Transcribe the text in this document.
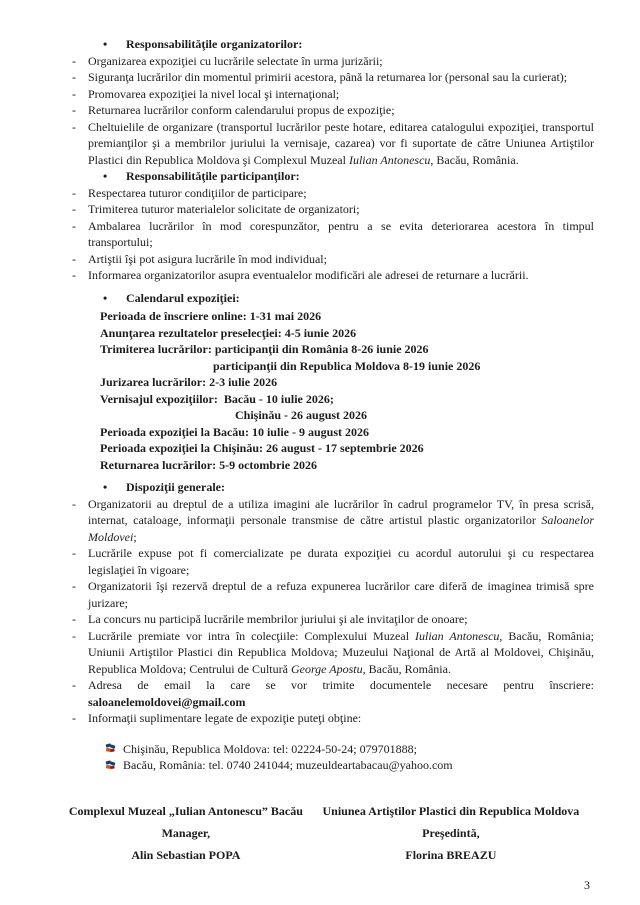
•	Responsabilităţile organizatorilor:
-	Organizarea expoziţiei cu lucrările selectate în urma jurizării;
-	Siguranţa lucrărilor din momentul primirii acestora, până la returnarea lor (personal sau la curierat);
-	Promovarea expoziţiei la nivel local şi internaţional;
-	Returnarea lucrărilor conform calendarului propus de expoziţie;
-	Cheltuielile de organizare (transportul lucrărilor peste hotare, editarea catalogului expoziţiei, transportul premianţilor şi a membrilor juriului la vernisaje, cazarea) vor fi suportate de către Uniunea Artiştilor Plastici din Republica Moldova şi Complexul Muzeal Iulian Antonescu, Bacău, România.
•	Responsabilităţile participanţilor:
-	Respectarea tuturor condiţiilor de participare;
-	Trimiterea tuturor materialelor solicitate de organizatori;
-	Ambalarea lucrărilor în mod corespunzător, pentru a se evita deteriorarea acestora în timpul transportului;
-	Artiştii îşi pot asigura lucrările în mod individual;
-	Informarea organizatorilor asupra eventualelor modificări ale adresei de returnare a lucrării.
•	Calendarul expoziţiei:
Perioada de înscriere online: 1-31 mai 2026
Anunţarea rezultatelor preselecţiei: 4-5 iunie 2026
Trimiterea lucrărilor: participanţii din România 8-26 iunie 2026
participanţii din Republica Moldova 8-19 iunie 2026
Jurizarea lucrărilor: 2-3 iulie 2026
Vernisajul expoziţiilor:  Bacău - 10 iulie 2026;
Chişinău - 26 august 2026
Perioada expoziţiei la Bacău: 10 iulie - 9 august 2026
Perioada expoziţiei la Chişinău: 26 august - 17 septembrie 2026
Returnarea lucrărilor: 5-9 octombrie 2026
•	Dispoziţii generale:
-	Organizatorii au dreptul de a utiliza imagini ale lucrărilor în cadrul programelor TV, în presa scrisă, internat, cataloage, informaţii personale transmise de către artistul plastic organizatorilor Saloanelor Moldovei;
-	Lucrările expuse pot fi comercializate pe durata expoziţiei cu acordul autorului şi cu respectarea legislaţiei în vigoare;
-	Organizatorii îşi rezervă dreptul de a refuza expunerea lucrărilor care diferă de imaginea trimisă spre jurizare;
-	La concurs nu participă lucrările membrilor juriului şi ale invitaţilor de onoare;
-	Lucrările premiate vor intra în colecţiile: Complexului Muzeal Iulian Antonescu, Bacău, România; Uniunii Artiştilor Plastici din Republica Moldova; Muzeului Naţional de Artă al Moldovei, Chişinău, Republica Moldova; Centrului de Cultură George Apostu, Bacău, România.
-	Adresa de email la care se vor trimite documentele necesare pentru înscriere: saloanelemoldovei@gmail.com
-	Informaţii suplimentare legate de expoziţie puteţi obţine:
Chişinău, Republica Moldova: tel: 02224-50-24; 079701888;
Bacău, România: tel. 0740 241044; muzeuldeartabacau@yahoo.com
Complexul Muzeal „Iulian Antonescu” Bacău
Manager,
Alin Sebastian POPA
Uniunea Artiştilor Plastici din Republica Moldova
Preşedintă,
Florina BREAZU
3
